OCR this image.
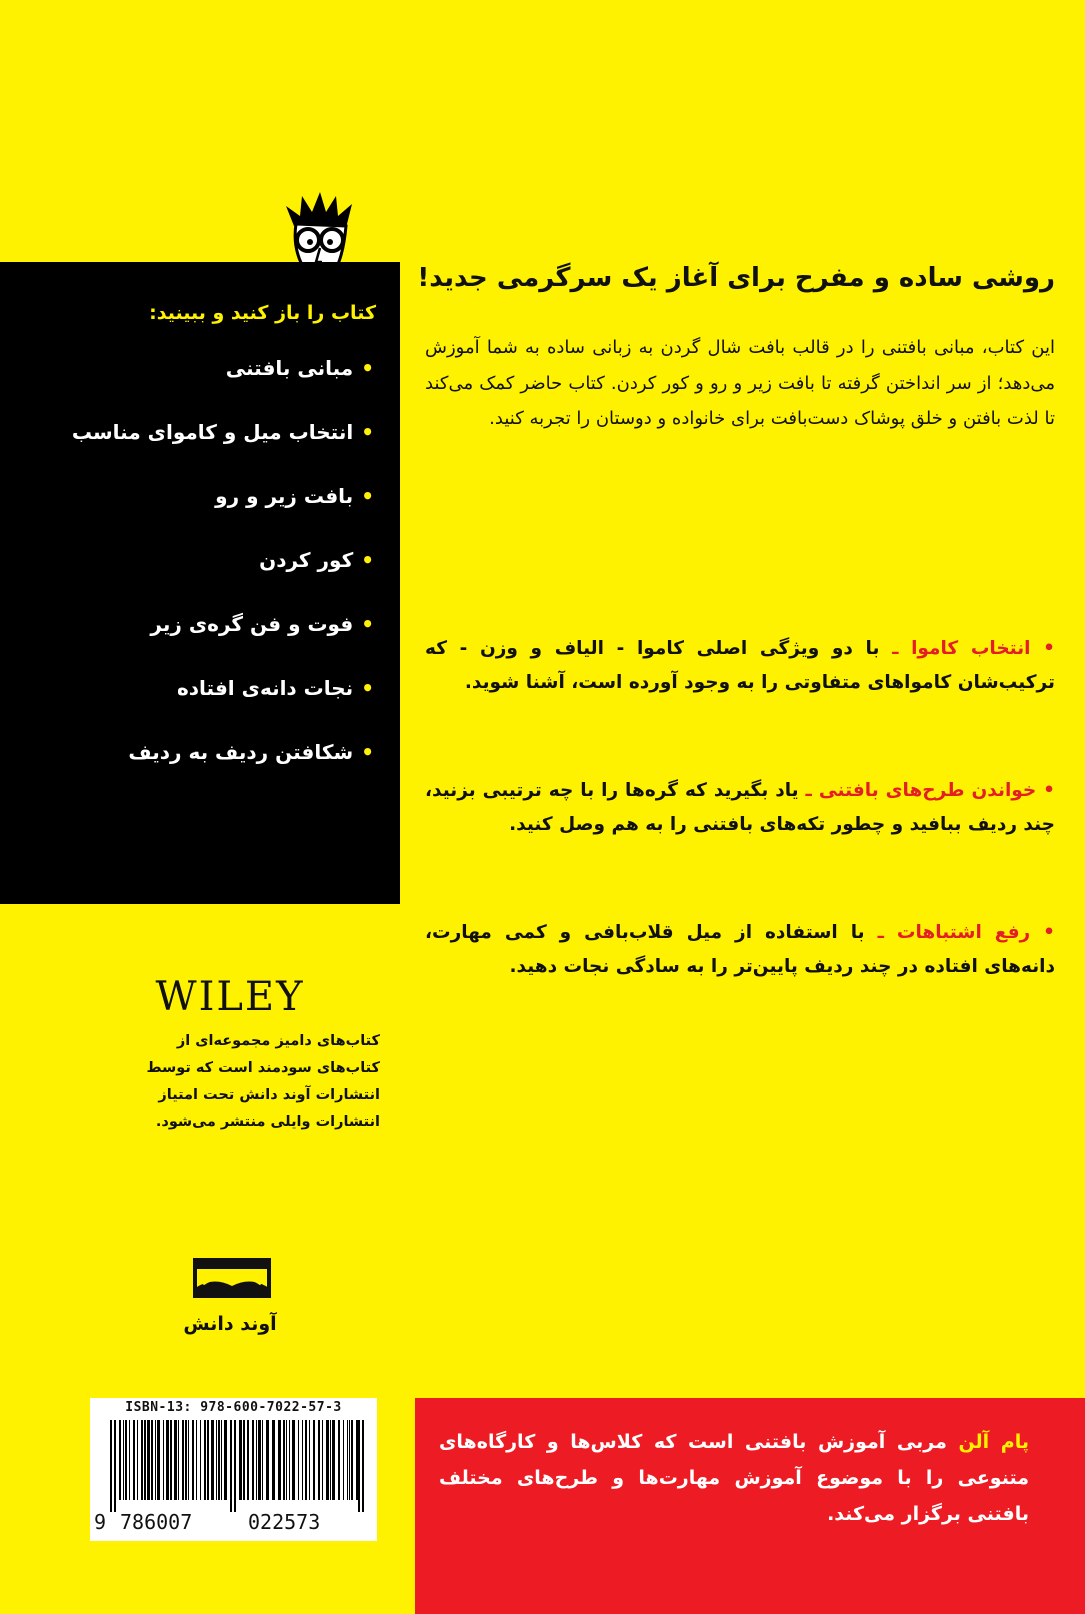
کتاب را باز کنید و ببینید:
•مبانی بافتنی
•انتخاب میل و کاموای مناسب
•بافت زیر و رو
•کور کردن
•فوت و فن گره‌ی زیر
•نجات دانه‌ی افتاده
•شکافتن ردیف به ردیف
روشی ساده و مفرح برای آغاز یک سرگرمی جدید!
این کتاب، مبانی بافتنی را در قالب بافت شال گردن به زبانی ساده به شما آموزش می‌دهد؛ از سر انداختن گرفته تا بافت زیر و رو و کور کردن. کتاب حاضر کمک می‌کند تا لذت بافتن و خلق پوشاک دست‌بافت برای خانواده و دوستان را تجربه کنید.
• انتخاب کاموا ـ با دو ویژگی اصلی کاموا - الیاف و وزن - که ترکیب‌شان کاموا‌های متفاوتی را به وجود آورده است، آشنا شوید.
• خواندن طرح‌های بافتنی ـ یاد بگیرید که گره‌ها را با چه ترتیبی بزنید، چند ردیف ببافید و چطور تکه‌های بافتنی را به هم وصل کنید.
• رفع اشتباهات ـ با استفاده از میل قلاب‌بافی و کمی مهارت، دانه‌های افتاده در چند ردیف پایین‌تر را به سادگی نجات دهید.
WILEY
کتاب‌های دامیز مجموعه‌ای از کتاب‌های سودمند است که توسط انتشارات آوند دانش تحت امتیاز انتشارات وایلی منتشر می‌شود.
آوند دانش
ISBN-13: 978-600-7022-57-3
9 786007	022573
پام آلن مربی آموزش بافتنی است که کلاس‌ها و کارگاه‌های متنوعی را با موضوع آموزش مهارت‌ها و طرح‌های مختلف بافتنی برگزار می‌کند.
